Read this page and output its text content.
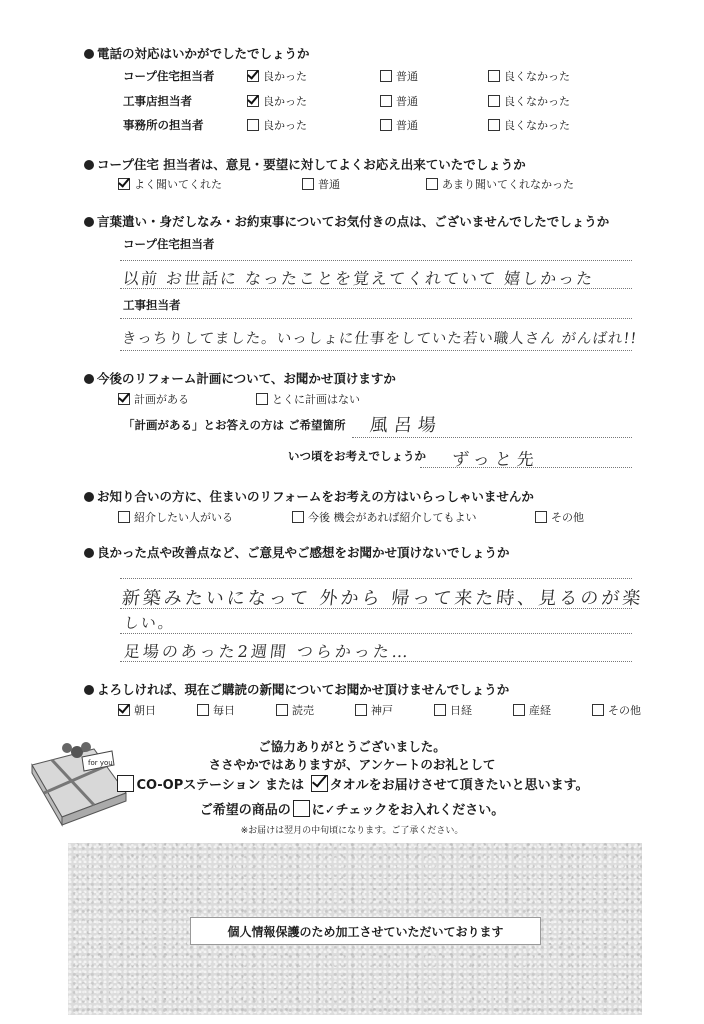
電話の対応はいかがでしたでしょうか
コープ住宅担当者	良かった	普通	良くなかった
工事店担当者	良かった	普通	良くなかった
事務所の担当者	良かった	普通	良くなかった
コープ住宅 担当者は、意見・要望に対してよくお応え出来ていたでしょうか
よく聞いてくれた	普通	あまり聞いてくれなかった
言葉遣い・身だしなみ・お約束事についてお気付きの点は、ございませんでしたでしょうか
コープ住宅担当者
以前 お世話に なったことを覚えてくれていて 嬉しかった
工事担当者
きっちりしてました。いっしょに仕事をしていた若い職人さん がんばれ!!
今後のリフォーム計画について、お聞かせ頂けますか
計画がある	とくに計画はない
「計画がある」とお答えの方は ご希望箇所 風呂場
いつ頃をお考えでしょうか ずっと先
お知り合いの方に、住まいのリフォームをお考えの方はいらっしゃいませんか
紹介したい人がいる	今後 機会があれば紹介してもよい	その他
良かった点や改善点など、ご意見やご感想をお聞かせ頂けないでしょうか
新築みたいになって 外から 帰って来た時、見るのが楽
しい。
足場のあった2週間 つらかった…
よろしければ、現在ご購読の新聞についてお聞かせ頂けませんでしょうか
朝日	毎日	読売	神戸	日経	産経	その他
for you
ご協力ありがとうございました。
ささやかではありますが、アンケートのお礼として
CO-OPステーション または タオルをお届けさせて頂きたいと思います。
ご希望の商品の に✓チェックをお入れください。
※お届けは翌月の中旬頃になります。ご了承ください。
個人情報保護のため加工させていただいております
